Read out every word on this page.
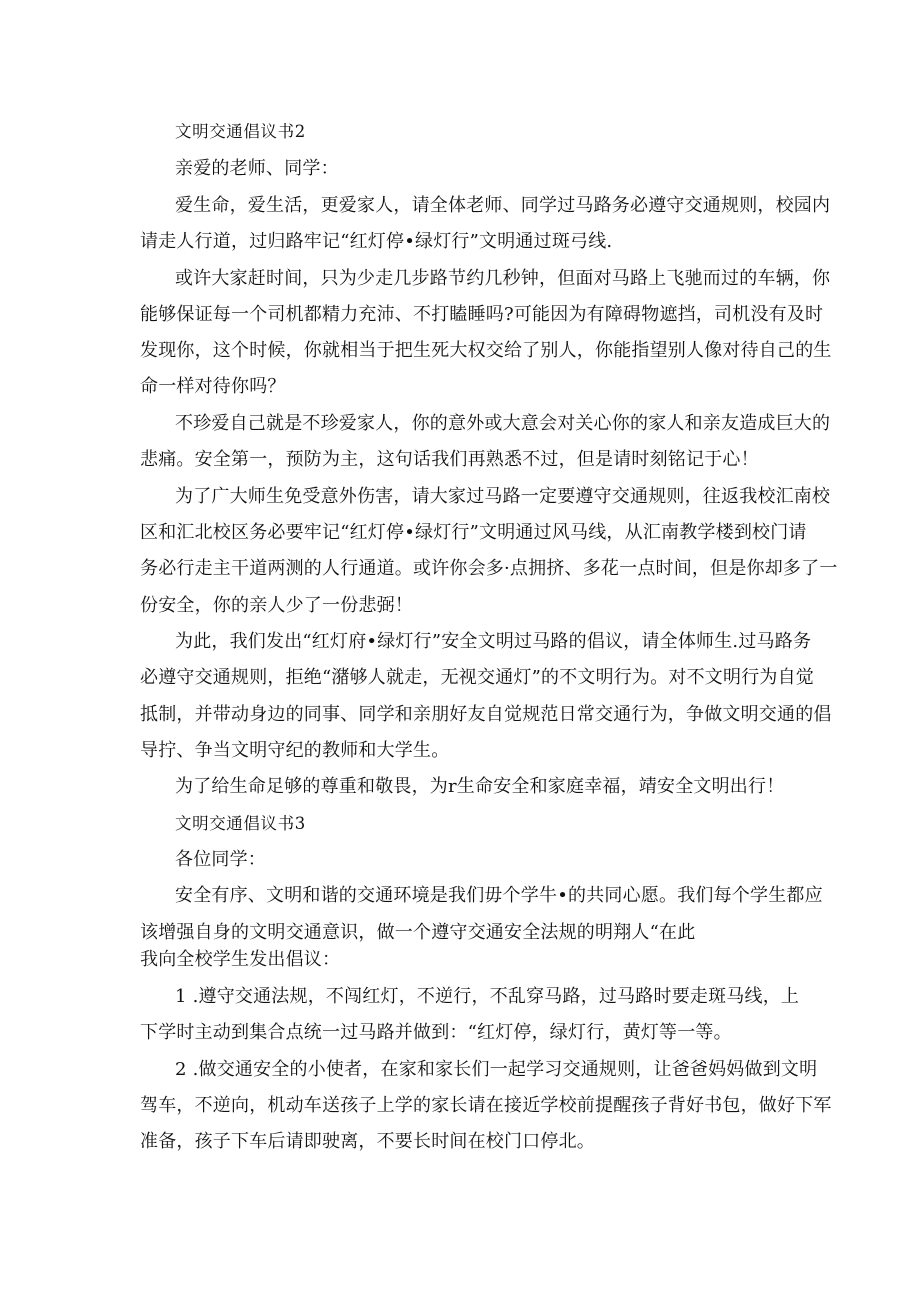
文明交通倡议书2
亲爱的老师、同学：
爱生命，爱生活，更爱家人，请全体老师、同学过马路务必遵守交通规则，校园内
请走人行道，过归路牢记“红灯停•绿灯行”文明通过斑弓线.
或许大家赶时间，只为少走几步路节约几秒钟，但面对马路上飞驰而过的车辆，你
能够保证每一个司机都精力充沛、不打瞌睡吗?可能因为有障碍物遮挡，司机没有及时
发现你，这个时候，你就相当于把生死大权交给了别人，你能指望别人像对待自己的生
命一样对待你吗？
不珍爱自己就是不珍爱家人，你的意外或大意会对关心你的家人和亲友造成巨大的
悲痛。安全第一，预防为主，这句话我们再熟悉不过，但是请时刻铭记于心！
为了广大师生免受意外伤害，请大家过马路一定要遵守交通规则，往返我校汇南校
区和汇北校区务必要牢记“红灯停•绿灯行”文明通过风马线，从汇南教学楼到校门请
务必行走主干道两测的人行通道。或许你会多·点拥挤、多花一点时间，但是你却多了一
份安全，你的亲人少了一份悲弼！
为此，我们发出“红灯府•绿灯行”安全文明过马路的倡议，请全体师生.过马路务
必遵守交通规则，拒绝“潴够人就走，无视交通灯”的不文明行为。对不文明行为自觉
抵制，并带动身边的同事、同学和亲朋好友自觉规范日常交通行为，争做文明交通的倡
导拧、争当文明守纪的教师和大学生。
为了给生命足够的尊重和敬畏，为r生命安全和家庭幸福，靖安全文明出行！
文明交通倡议书3
各位同学：
安全有序、文明和谐的交通环境是我们毋个学牛•的共同心愿。我们每个学生都应
该增强自身的文明交通意识，做一个遵守交通安全法规的明翔人“在此
我向全校学生发出倡议：
1 .遵守交通法规，不闯红灯，不逆行，不乱穿马路，过马路时要走斑马线，上
下学时主动到集合点统一过马路并做到：“红灯停，绿灯行，黄灯等一等。
2 .做交通安全的小使者，在家和家长们一起学习交通规则，让爸爸妈妈做到文明
驾车，不逆向，机动车送孩子上学的家长请在接近学校前提醒孩子背好书包，做好下军
准备，孩子下车后请即驶离，不要长时间在校门口停北。
